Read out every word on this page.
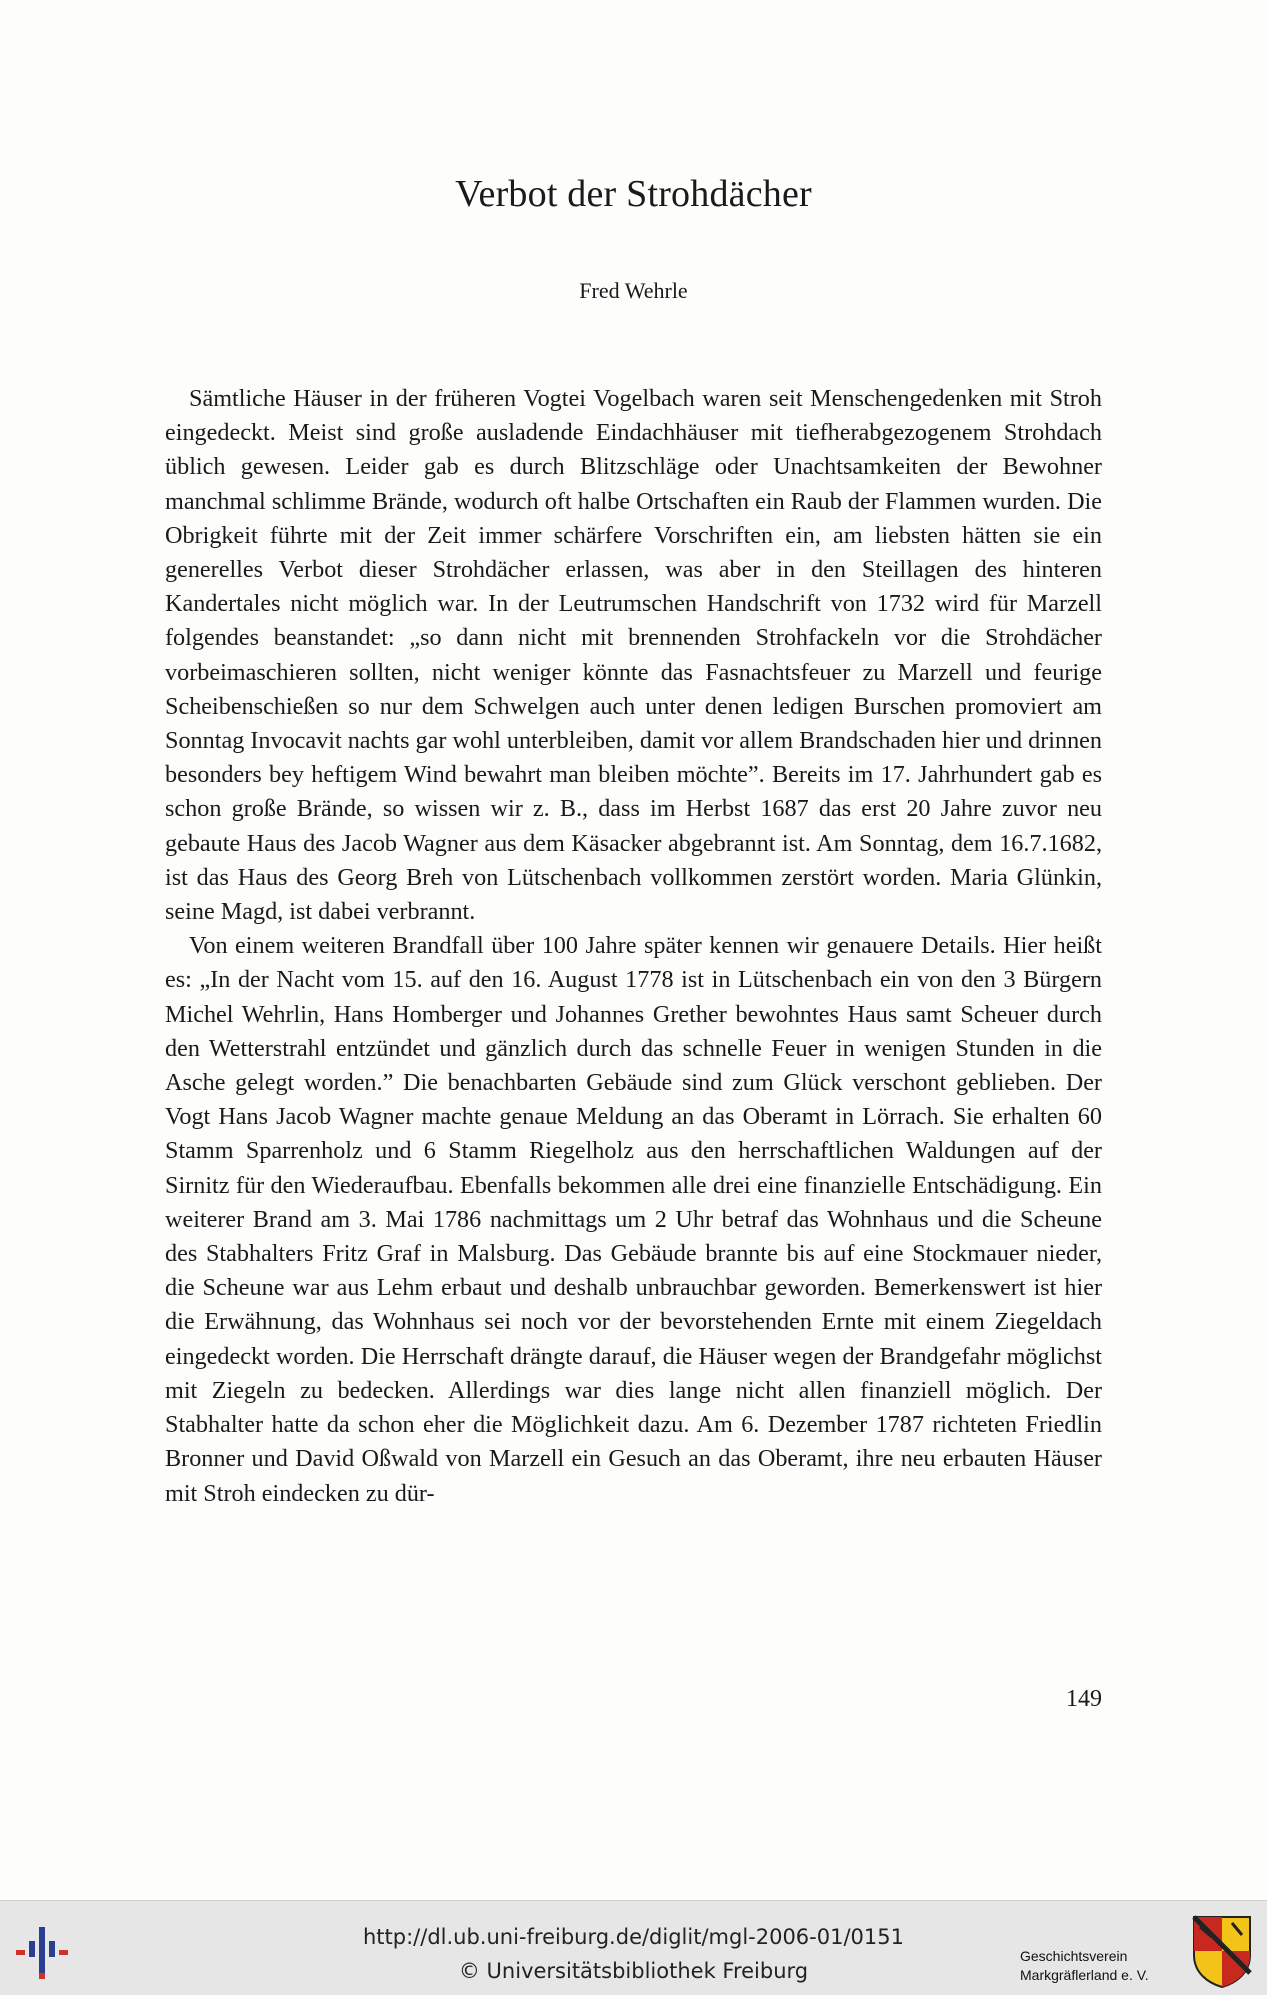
Verbot der Strohdächer
Fred Wehrle

Sämtliche Häuser in der früheren Vogtei Vogelbach waren seit Menschengedenken mit Stroh eingedeckt. Meist sind große ausladende Eindachhäuser mit tiefherabgezogenem Strohdach üblich gewesen. Leider gab es durch Blitzschläge oder Unachtsamkeiten der Bewohner manchmal schlimme Brände, wodurch oft halbe Ortschaften ein Raub der Flammen wurden. Die Obrigkeit führte mit der Zeit immer schärfere Vorschriften ein, am liebsten hätten sie ein generelles Verbot dieser Strohdächer erlassen, was aber in den Steillagen des hinteren Kandertales nicht möglich war. In der Leutrumschen Handschrift von 1732 wird für Marzell folgendes beanstandet: „so dann nicht mit brennenden Strohfackeln vor die Strohdächer vorbeimaschieren sollten, nicht weniger könnte das Fasnachtsfeuer zu Marzell und feurige Scheibenschießen so nur dem Schwelgen auch unter denen ledigen Burschen promoviert am Sonntag Invocavit nachts gar wohl unterbleiben, damit vor allem Brandschaden hier und drinnen besonders bey heftigem Wind bewahrt man bleiben möchte”. Bereits im 17. Jahrhundert gab es schon große Brände, so wissen wir z. B., dass im Herbst 1687 das erst 20 Jahre zuvor neu gebaute Haus des Jacob Wagner aus dem Käsacker abgebrannt ist. Am Sonntag, dem 16.7.1682, ist das Haus des Georg Breh von Lütschenbach vollkommen zerstört worden. Maria Glünkin, seine Magd, ist dabei verbrannt.

Von einem weiteren Brandfall über 100 Jahre später kennen wir genauere Details. Hier heißt es: „In der Nacht vom 15. auf den 16. August 1778 ist in Lütschenbach ein von den 3 Bürgern Michel Wehrlin, Hans Homberger und Johannes Grether bewohntes Haus samt Scheuer durch den Wetterstrahl entzündet und gänzlich durch das schnelle Feuer in wenigen Stunden in die Asche gelegt worden.” Die benachbarten Gebäude sind zum Glück verschont geblieben. Der Vogt Hans Jacob Wagner machte genaue Meldung an das Oberamt in Lörrach. Sie erhalten 60 Stamm Sparrenholz und 6 Stamm Riegelholz aus den herrschaftlichen Waldungen auf der Sirnitz für den Wiederaufbau. Ebenfalls bekommen alle drei eine finanzielle Entschädigung. Ein weiterer Brand am 3. Mai 1786 nachmittags um 2 Uhr betraf das Wohnhaus und die Scheune des Stabhalters Fritz Graf in Malsburg. Das Gebäude brannte bis auf eine Stockmauer nieder, die Scheune war aus Lehm erbaut und deshalb unbrauchbar geworden. Bemerkenswert ist hier die Erwähnung, das Wohnhaus sei noch vor der bevorstehenden Ernte mit einem Ziegeldach eingedeckt worden. Die Herrschaft drängte darauf, die Häuser wegen der Brandgefahr möglichst mit Ziegeln zu bedecken. Allerdings war dies lange nicht allen finanziell möglich. Der Stabhalter hatte da schon eher die Möglichkeit dazu. Am 6. Dezember 1787 richteten Friedlin Bronner und David Oßwald von Marzell ein Gesuch an das Oberamt, ihre neu erbauten Häuser mit Stroh eindecken zu dür-

149
http://dl.ub.uni-freiburg.de/diglit/mgl-2006-01/0151
© Universitätsbibliothek Freiburg
Geschichtsverein
Markgräflerland e. V.
